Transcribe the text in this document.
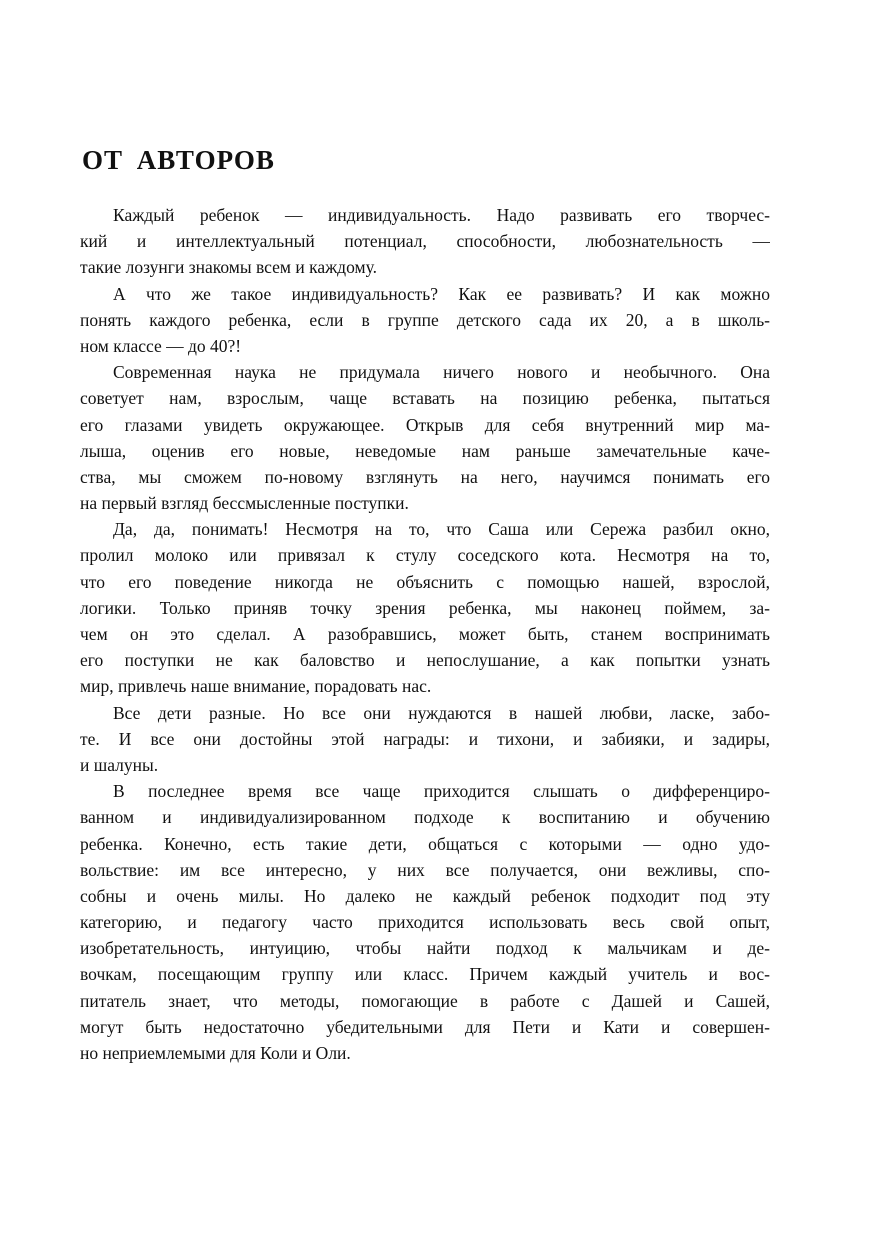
ОТ АВТОРОВ
Каждый ребенок — индивидуальность. Надо развивать его творчес-
кий и интеллектуальный потенциал, способности, любознательность —
такие лозунги знакомы всем и каждому.
А что же такое индивидуальность? Как ее развивать? И как можно
понять каждого ребенка, если в группе детского сада их 20, а в школь-
ном классе — до 40?!
Современная наука не придумала ничего нового и необычного. Она
советует нам, взрослым, чаще вставать на позицию ребенка, пытаться
его глазами увидеть окружающее. Открыв для себя внутренний мир ма-
лыша, оценив его новые, неведомые нам раньше замечательные каче-
ства, мы сможем по-новому взглянуть на него, научимся понимать его
на первый взгляд бессмысленные поступки.
Да, да, понимать! Несмотря на то, что Саша или Сережа разбил окно,
пролил молоко или привязал к стулу соседского кота. Несмотря на то,
что его поведение никогда не объяснить с помощью нашей, взрослой,
логики. Только приняв точку зрения ребенка, мы наконец поймем, за-
чем он это сделал. А разобравшись, может быть, станем воспринимать
его поступки не как баловство и непослушание, а как попытки узнать
мир, привлечь наше внимание, порадовать нас.
Все дети разные. Но все они нуждаются в нашей любви, ласке, забо-
те. И все они достойны этой награды: и тихони, и забияки, и задиры,
и шалуны.
В последнее время все чаще приходится слышать о дифференциро-
ванном и индивидуализированном подходе к воспитанию и обучению
ребенка. Конечно, есть такие дети, общаться с которыми — одно удо-
вольствие: им все интересно, у них все получается, они вежливы, спо-
собны и очень милы. Но далеко не каждый ребенок подходит под эту
категорию, и педагогу часто приходится использовать весь свой опыт,
изобретательность, интуицию, чтобы найти подход к мальчикам и де-
вочкам, посещающим группу или класс. Причем каждый учитель и вос-
питатель знает, что методы, помогающие в работе с Дашей и Сашей,
могут быть недостаточно убедительными для Пети и Кати и совершен-
но неприемлемыми для Коли и Оли.
